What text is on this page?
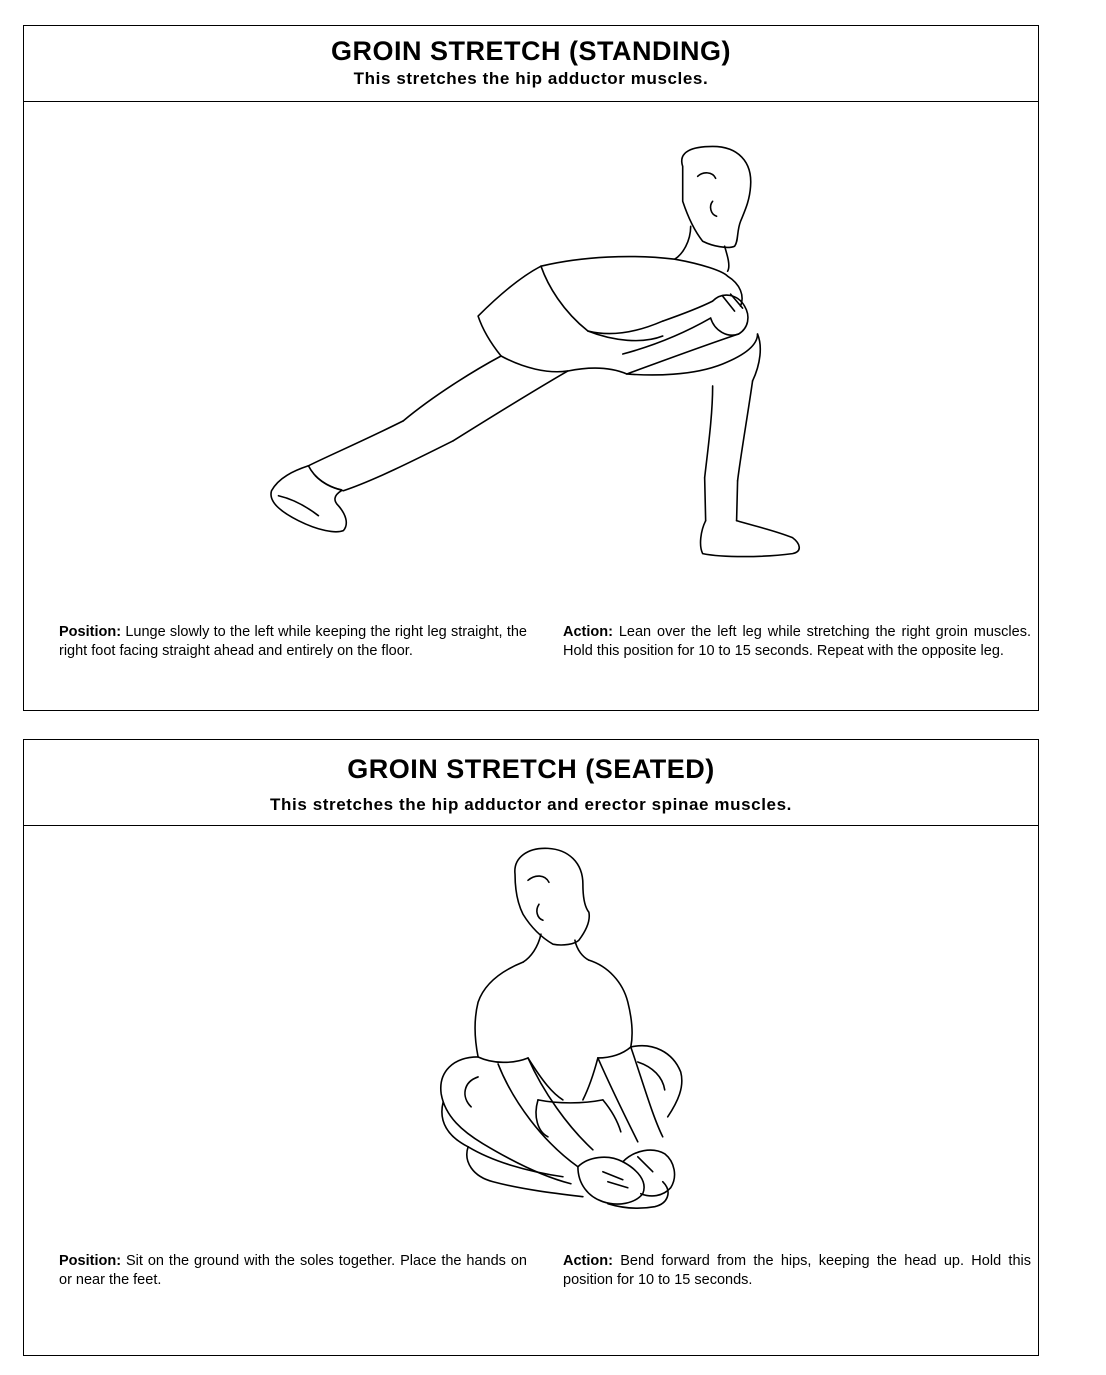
GROIN STRETCH (STANDING)
This stretches the hip adductor muscles.
Position: Lunge slowly to the left while keeping the right leg straight, the right foot facing straight ahead and entirely on the floor.
Action: Lean over the left leg while stretching the right groin muscles. Hold this position for 10 to 15 seconds. Repeat with the opposite leg.
GROIN STRETCH (SEATED)
This stretches the hip adductor and erector spinae muscles.
Position: Sit on the ground with the soles together. Place the hands on or near the feet.
Action: Bend forward from the hips, keeping the head up. Hold this position for 10 to 15 seconds.
